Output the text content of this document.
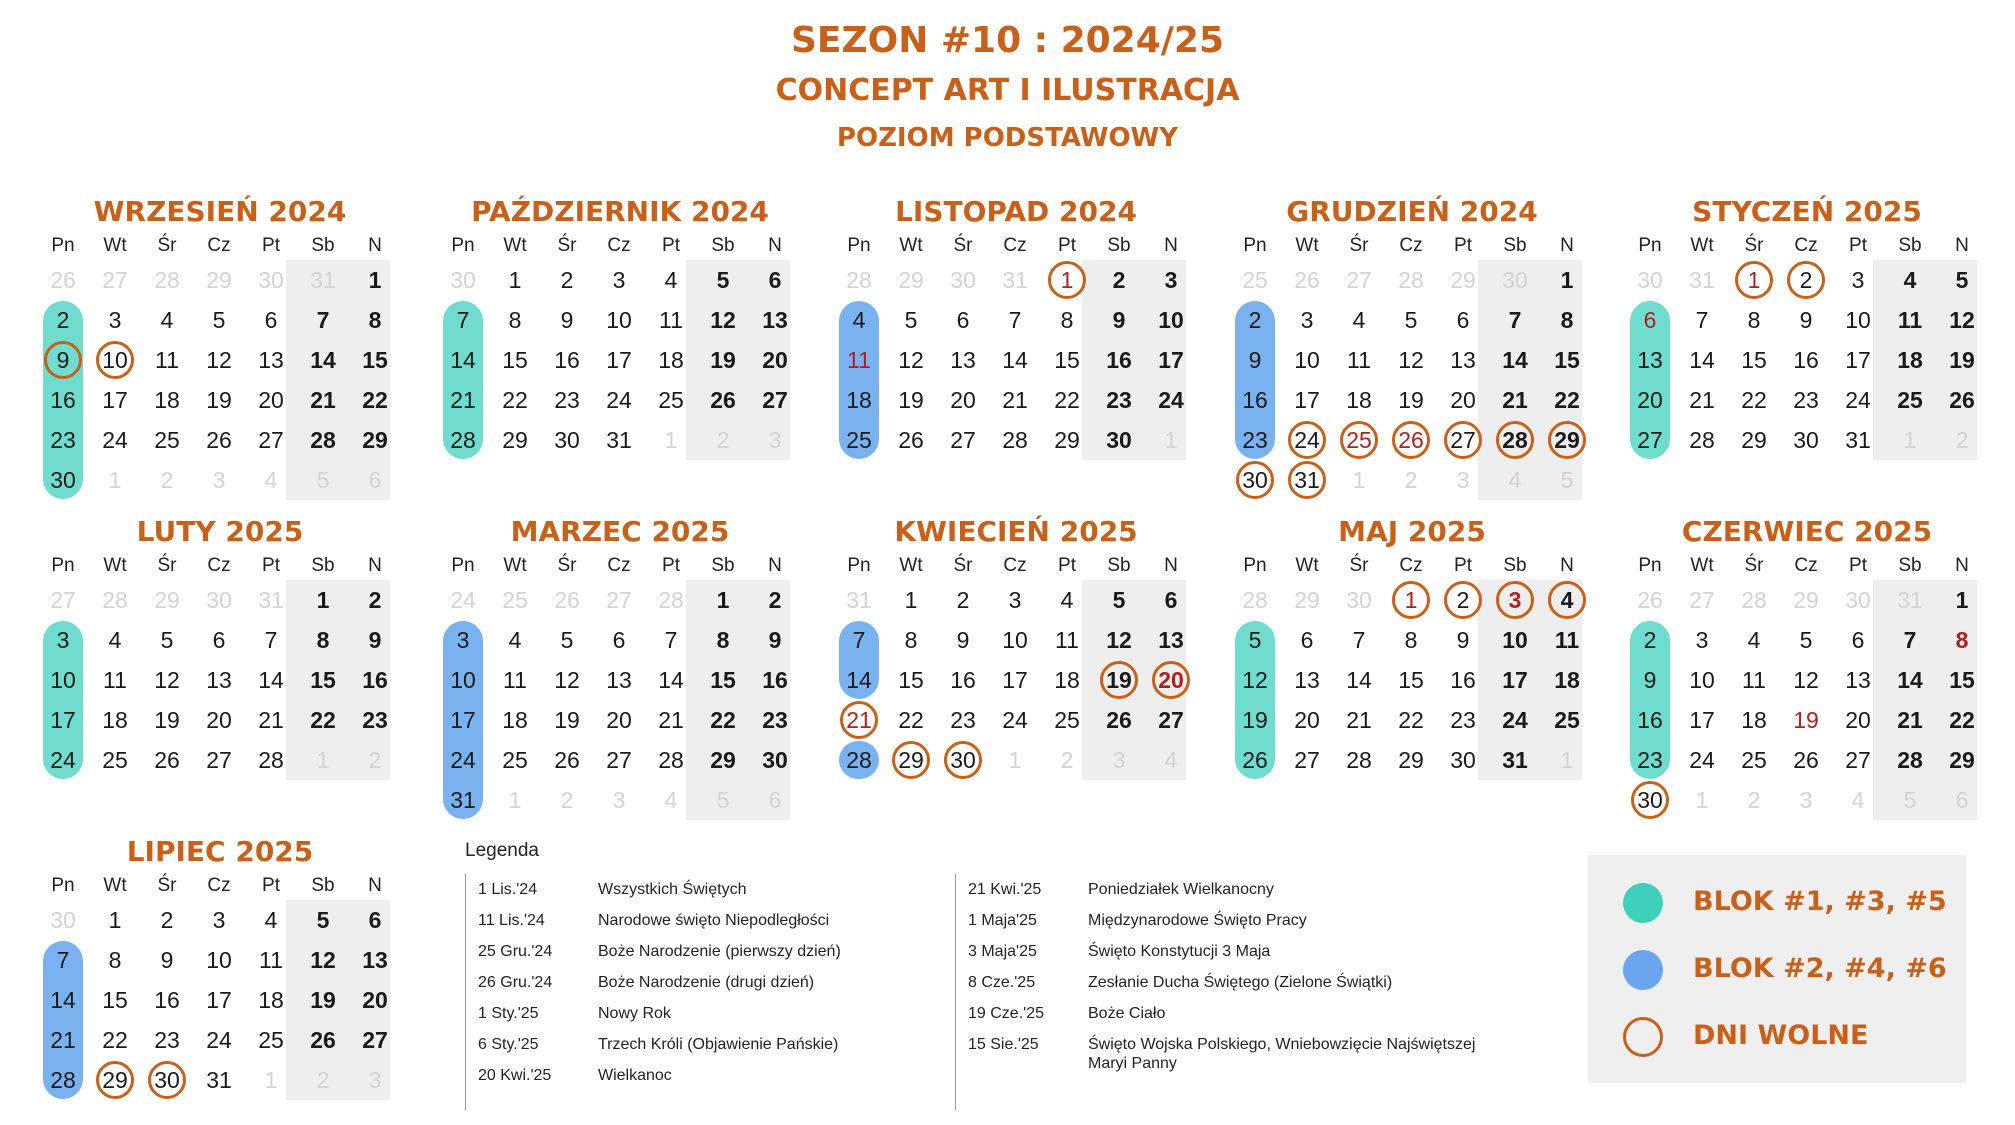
SEZON #10 : 2024/25
CONCEPT ART I ILUSTRACJA
POZIOM PODSTAWOWY
WRZESIEŃ 2024
Pn	Wt	Śr	Cz	Pt	Sb	N
26	27	28	29	30	31	1
2	3	4	5	6	7	8
9	10	11	12	13	14	15
16	17	18	19	20	21	22
23	24	25	26	27	28	29
30	1	2	3	4	5	6
PAŹDZIERNIK 2024
Pn	Wt	Śr	Cz	Pt	Sb	N
30	1	2	3	4	5	6
7	8	9	10	11	12	13
14	15	16	17	18	19	20
21	22	23	24	25	26	27
28	29	30	31	1	2	3
LISTOPAD 2024
Pn	Wt	Śr	Cz	Pt	Sb	N
28	29	30	31	1	2	3
4	5	6	7	8	9	10
11	12	13	14	15	16	17
18	19	20	21	22	23	24
25	26	27	28	29	30	1
GRUDZIEŃ 2024
Pn	Wt	Śr	Cz	Pt	Sb	N
25	26	27	28	29	30	1
2	3	4	5	6	7	8
9	10	11	12	13	14	15
16	17	18	19	20	21	22
23	24	25	26	27	28	29
30	31	1	2	3	4	5
STYCZEŃ 2025
Pn	Wt	Śr	Cz	Pt	Sb	N
30	31	1	2	3	4	5
6	7	8	9	10	11	12
13	14	15	16	17	18	19
20	21	22	23	24	25	26
27	28	29	30	31	1	2
LUTY 2025
Pn	Wt	Śr	Cz	Pt	Sb	N
27	28	29	30	31	1	2
3	4	5	6	7	8	9
10	11	12	13	14	15	16
17	18	19	20	21	22	23
24	25	26	27	28	1	2
MARZEC 2025
Pn	Wt	Śr	Cz	Pt	Sb	N
24	25	26	27	28	1	2
3	4	5	6	7	8	9
10	11	12	13	14	15	16
17	18	19	20	21	22	23
24	25	26	27	28	29	30
31	1	2	3	4	5	6
KWIECIEŃ 2025
Pn	Wt	Śr	Cz	Pt	Sb	N
31	1	2	3	4	5	6
7	8	9	10	11	12	13
14	15	16	17	18	19	20
21	22	23	24	25	26	27
28	29	30	1	2	3	4
MAJ 2025
Pn	Wt	Śr	Cz	Pt	Sb	N
28	29	30	1	2	3	4
5	6	7	8	9	10	11
12	13	14	15	16	17	18
19	20	21	22	23	24	25
26	27	28	29	30	31	1
CZERWIEC 2025
Pn	Wt	Śr	Cz	Pt	Sb	N
26	27	28	29	30	31	1
2	3	4	5	6	7	8
9	10	11	12	13	14	15
16	17	18	19	20	21	22
23	24	25	26	27	28	29
30	1	2	3	4	5	6
LIPIEC 2025
Pn	Wt	Śr	Cz	Pt	Sb	N
30	1	2	3	4	5	6
7	8	9	10	11	12	13
14	15	16	17	18	19	20
21	22	23	24	25	26	27
28	29	30	31	1	2	3
Legenda
1 Lis.'24	Wszystkich Świętych
11 Lis.'24	Narodowe święto Niepodległości
25 Gru.'24	Boże Narodzenie (pierwszy dzień)
26 Gru.'24	Boże Narodzenie (drugi dzień)
1 Sty.'25	Nowy Rok
6 Sty.'25	Trzech Króli (Objawienie Pańskie)
20 Kwi.'25	Wielkanoc
21 Kwi.'25	Poniedziałek Wielkanocny
1 Maja'25	Międzynarodowe Święto Pracy
3 Maja'25	Święto Konstytucji 3 Maja
8 Cze.'25	Zesłanie Ducha Świętego (Zielone Świątki)
19 Cze.'25	Boże Ciało
15 Sie.'25	Święto Wojska Polskiego, Wniebowzięcie Najświętszej Maryi Panny
BLOK #1, #3, #5
BLOK #2, #4, #6
DNI WOLNE
